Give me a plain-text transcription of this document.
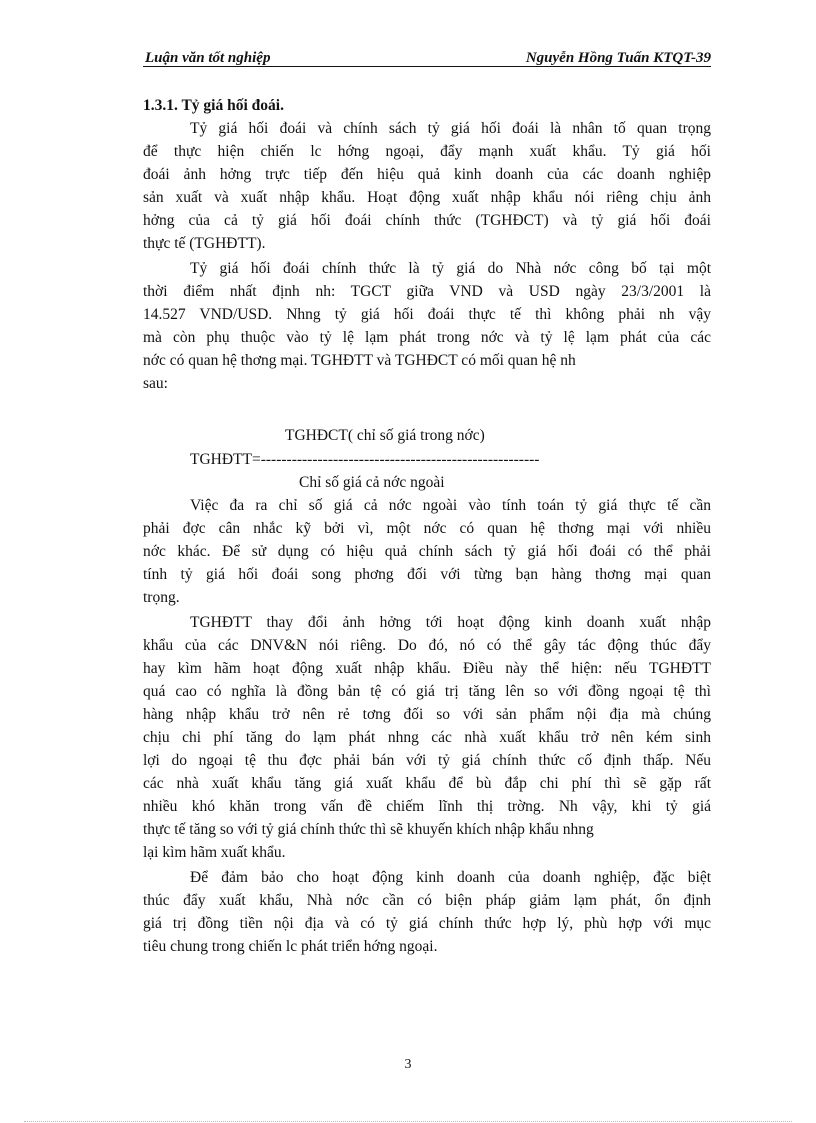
Luận văn tốt nghiệp	Nguyễn Hồng Tuấn KTQT-39
1.3.1. Tỷ giá hối đoái.
Tỷ giá hối đoái và chính sách tỷ giá hối đoái là nhân tố quan trọng
để thực hiện chiến lc hớng ngoại, đẩy mạnh xuất khẩu. Tỷ giá hối
đoái ảnh hởng trực tiếp đến hiệu quả kinh doanh của các doanh nghiệp
sản xuất và xuất nhập khẩu. Hoạt động xuất nhập khẩu nói riêng chịu ảnh
hởng của cả tỷ giá hối đoái chính thức (TGHĐCT) và tỷ giá hối đoái
thực tế (TGHĐTT).
Tỷ giá hối đoái chính thức là tỷ giá do Nhà nớc công bố tại một
thời điểm nhất định nh: TGCT giữa VND và USD ngày 23/3/2001 là
14.527 VND/USD. Nhng tỷ giá hối đoái thực tế thì không phải nh vậy
mà còn phụ thuộc vào tỷ lệ lạm phát trong nớc và tỷ lệ lạm phát của các
nớc có quan hệ thơng mại. TGHĐTT và TGHĐCT có mối quan hệ nh
sau:
TGHĐCT( chỉ số giá trong nớc)
TGHĐTT=------------------------------------------------------
Chỉ số giá cả nớc ngoài
Việc đa ra chỉ số giá cả nớc ngoài vào tính toán tỷ giá thực tế cần
phải đợc cân nhắc kỹ bởi vì, một nớc có quan hệ thơng mại với nhiều
nớc khác. Để sử dụng có hiệu quả chính sách tỷ giá hối đoái có thể phải
tính tỷ giá hối đoái song phơng đối với từng bạn hàng thơng mại quan
trọng.
TGHĐTT thay đổi ảnh hởng tới hoạt động kinh doanh xuất nhập
khẩu của các DNV&N nói riêng. Do đó, nó có thể gây tác động thúc đẩy
hay kìm hãm hoạt động xuất nhập khẩu. Điều này thể hiện: nếu TGHĐTT
quá cao có nghĩa là đồng bản tệ có giá trị tăng lên so với đồng ngoại tệ thì
hàng nhập khẩu trở nên rẻ tơng đối so với sản phẩm nội địa mà chúng
chịu chi phí tăng do lạm phát nhng các nhà xuất khẩu trở nên kém sinh
lợi do ngoại tệ thu đợc phải bán với tỷ giá chính thức cố định thấp. Nếu
các nhà xuất khẩu tăng giá xuất khẩu để bù đắp chi phí thì sẽ gặp rất
nhiều khó khăn trong vấn đề chiếm lĩnh thị trờng. Nh vậy, khi tỷ giá
thực tế tăng so với tỷ giá chính thức thì sẽ khuyến khích nhập khẩu nhng
lại kìm hãm xuất khẩu.
Để đảm bảo cho hoạt động kinh doanh của doanh nghiệp, đặc biệt
thúc đẩy xuất khẩu, Nhà nớc cần có biện pháp giảm lạm phát, ổn định
giá trị đồng tiền nội địa và có tỷ giá chính thức hợp lý, phù hợp với mục
tiêu chung trong chiến lc phát triển hớng ngoại.
3
